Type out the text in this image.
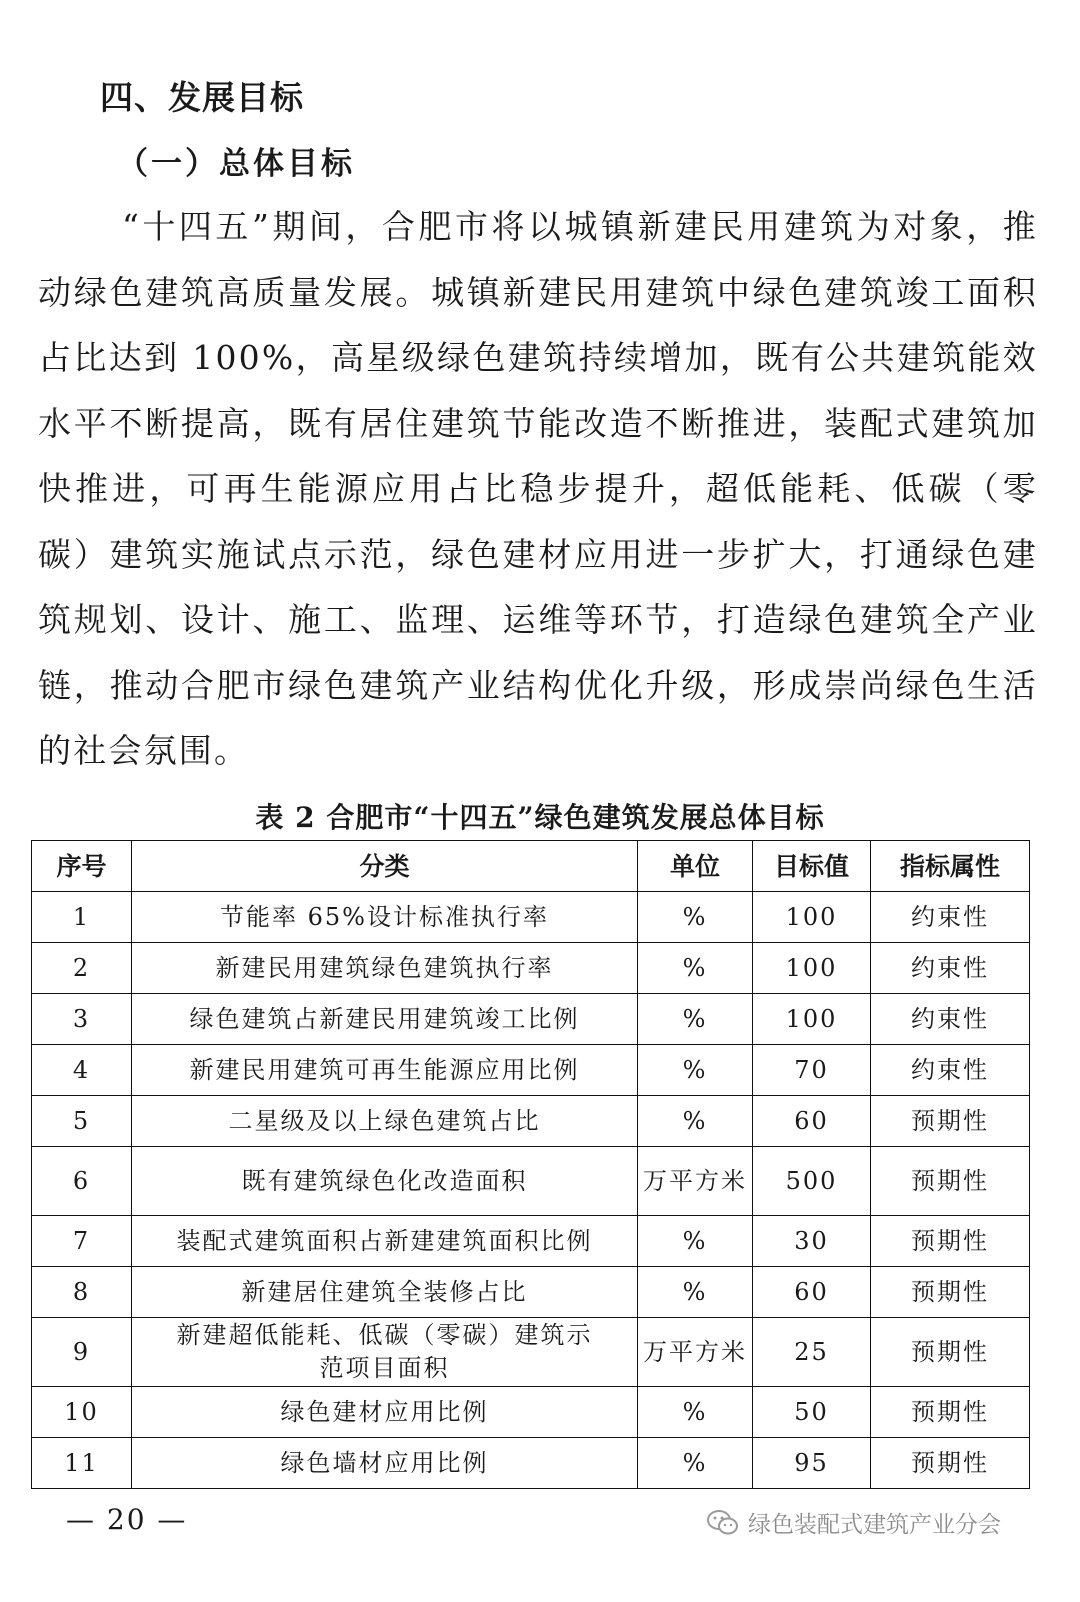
四、发展目标
（一）总体目标

“十四五”期间，合肥市将以城镇新建民用建筑为对象，推动绿色建筑高质量发展。城镇新建民用建筑中绿色建筑竣工面积占比达到 100%，高星级绿色建筑持续增加，既有公共建筑能效水平不断提高，既有居住建筑节能改造不断推进，装配式建筑加快推进，可再生能源应用占比稳步提升，超低能耗、低碳（零碳）建筑实施试点示范，绿色建材应用进一步扩大，打通绿色建筑规划、设计、施工、监理、运维等环节，打造绿色建筑全产业链，推动合肥市绿色建筑产业结构优化升级，形成崇尚绿色生活的社会氛围。

表 2 合肥市“十四五”绿色建筑发展总体目标
序号	分类	单位	目标值	指标属性
1	节能率 65%设计标准执行率	%	100	约束性
2	新建民用建筑绿色建筑执行率	%	100	约束性
3	绿色建筑占新建民用建筑竣工比例	%	100	约束性
4	新建民用建筑可再生能源应用比例	%	70	约束性
5	二星级及以上绿色建筑占比	%	60	预期性
6	既有建筑绿色化改造面积	万平方米	500	预期性
7	装配式建筑面积占新建建筑面积比例	%	30	预期性
8	新建居住建筑全装修占比	%	60	预期性
9	新建超低能耗、低碳（零碳）建筑示范项目面积	万平方米	25	预期性
10	绿色建材应用比例	%	50	预期性
11	绿色墙材应用比例	%	95	预期性
— 20 —	绿色装配式建筑产业分会
